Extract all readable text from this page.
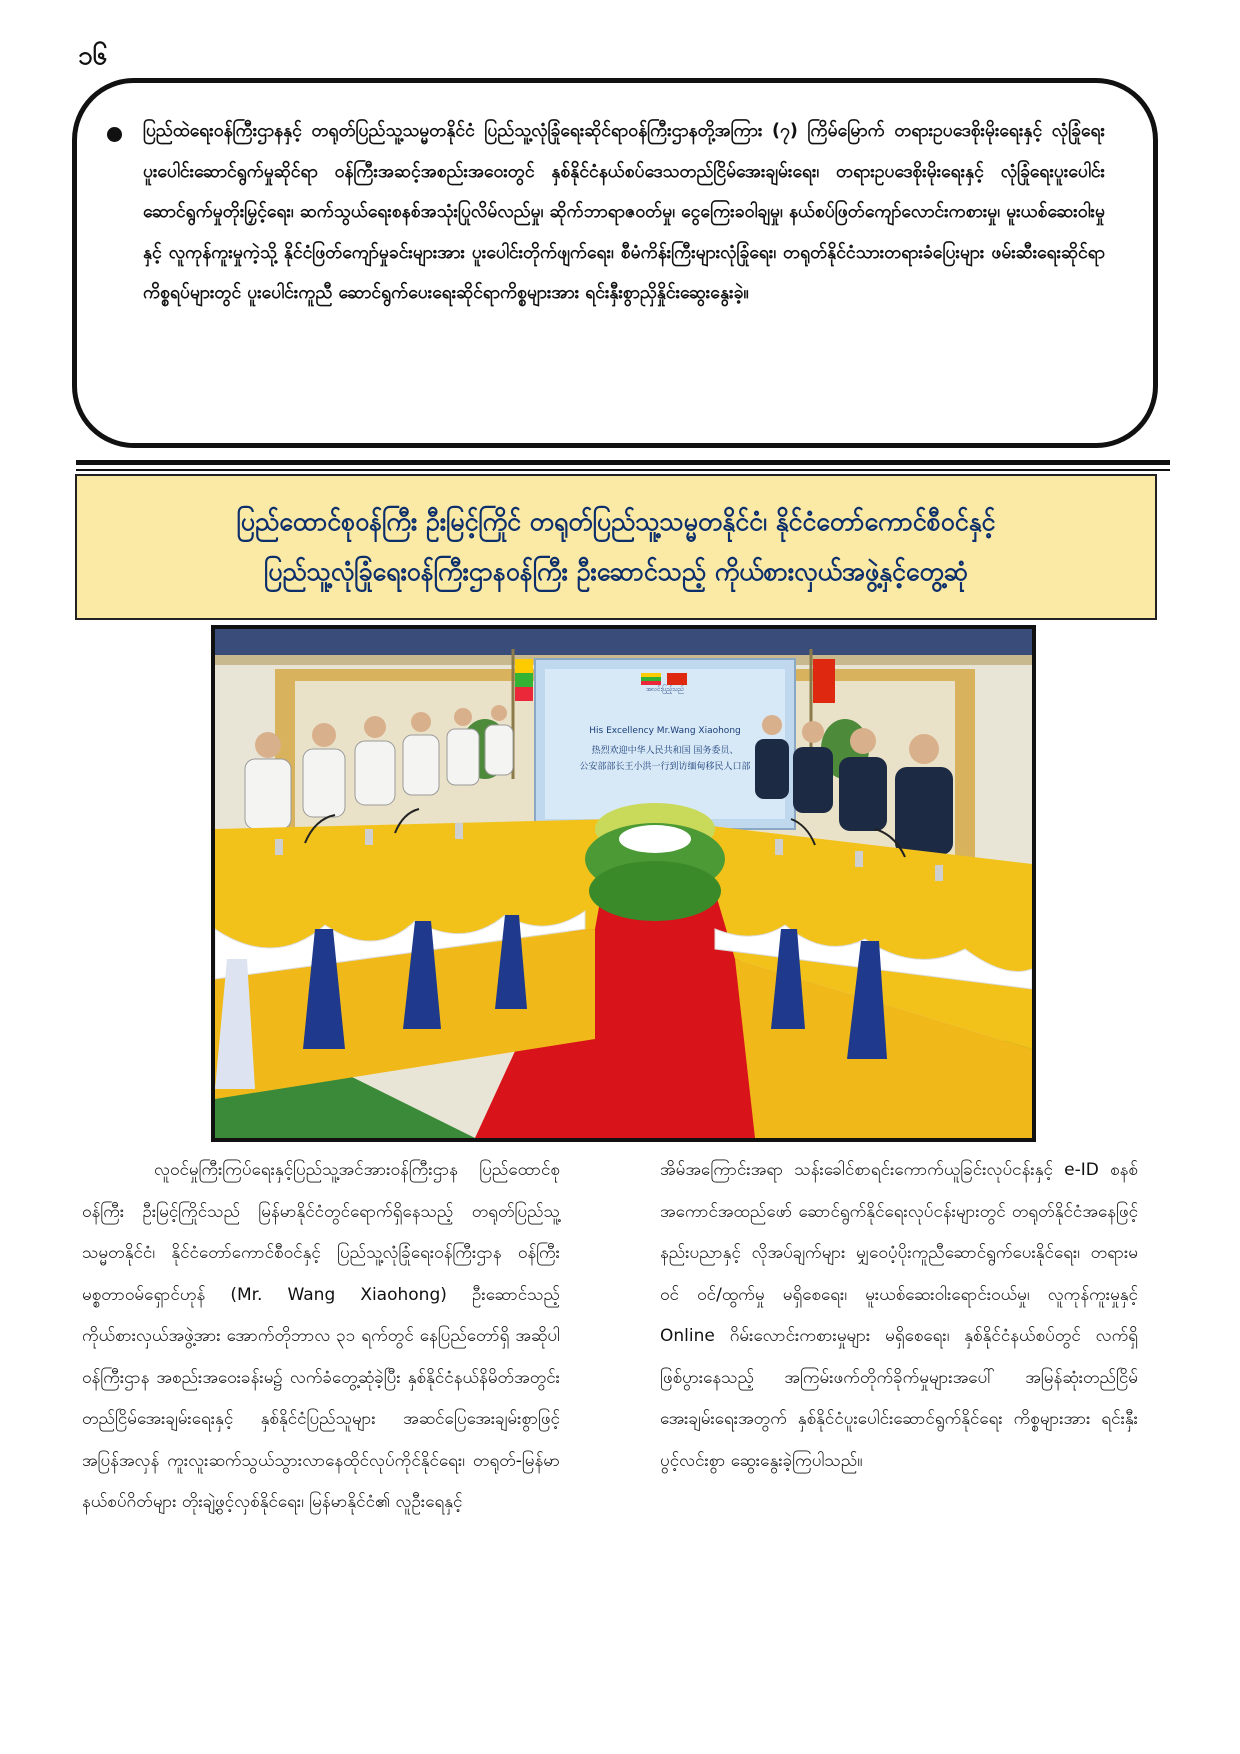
၁၆

ပြည်ထဲရေးဝန်ကြီးဌာနနှင့် တရုတ်ပြည်သူ့သမ္မတနိုင်ငံ ပြည်သူ့လုံခြုံရေးဆိုင်ရာဝန်ကြီးဌာနတို့အကြား (၇) ကြိမ်မြောက် တရားဥပဒေစိုးမိုးရေးနှင့် လုံခြုံရေးပူးပေါင်းဆောင်ရွက်မှုဆိုင်ရာ ဝန်ကြီးအဆင့်အစည်းအဝေးတွင် နှစ်နိုင်ငံနယ်စပ်ဒေသတည်ငြိမ်အေးချမ်းရေး၊ တရားဥပဒေစိုးမိုးရေးနှင့် လုံခြုံရေးပူးပေါင်းဆောင်ရွက်မှုတိုးမြှင့်ရေး၊ ဆက်သွယ်ရေးစနစ်အသုံးပြုလိမ်လည်မှု၊ ဆိုက်ဘာရာဇဝတ်မှု၊ ငွေကြေးခဝါချမှု၊ နယ်စပ်ဖြတ်ကျော်လောင်းကစားမှု၊ မူးယစ်ဆေးဝါးမှုနှင့် လူကုန်ကူးမှုကဲ့သို့ နိုင်ငံဖြတ်ကျော်မှုခင်းများအား ပူးပေါင်းတိုက်ဖျက်ရေး၊ စီမံကိန်းကြီးများလုံခြုံရေး၊ တရုတ်နိုင်ငံသားတရားခံပြေးများ ဖမ်းဆီးရေးဆိုင်ရာကိစ္စရပ်များတွင် ပူးပေါင်းကူညီ ဆောင်ရွက်ပေးရေးဆိုင်ရာကိစ္စများအား ရင်းနှီးစွာညှိနှိုင်းဆွေးနွေးခဲ့။

ပြည်ထောင်စုဝန်ကြီး ဦးမြင့်ကြိုင် တရုတ်ပြည်သူ့သမ္မတနိုင်ငံ၊ နိုင်ငံတော်ကောင်စီဝင်နှင့်
ပြည်သူ့လုံခြုံရေးဝန်ကြီးဌာနဝန်ကြီး ဦးဆောင်သည့် ကိုယ်စားလှယ်အဖွဲ့နှင့်တွေ့ဆုံ
အလင်းပြည့်သည်
His Excellency Mr.Wang Xiaohong
热烈欢迎中华人民共和国 国务委员、
公安部部长王小洪一行到访缅甸移民人口部

လူဝင်မှုကြီးကြပ်ရေးနှင့်ပြည်သူ့အင်အားဝန်ကြီးဌာန ပြည်ထောင်စုဝန်ကြီး ဦးမြင့်ကြိုင်သည် မြန်မာနိုင်ငံတွင်ရောက်ရှိနေသည့် တရုတ်ပြည်သူ့သမ္မတနိုင်ငံ၊ နိုင်ငံတော်ကောင်စီဝင်နှင့် ပြည်သူ့လုံခြုံရေးဝန်ကြီးဌာန ဝန်ကြီး မစ္စတာဝမ်ရှောင်ဟုန် (Mr. Wang Xiaohong) ဦးဆောင်သည့် ကိုယ်စားလှယ်အဖွဲ့အား အောက်တိုဘာလ ၃၁ ရက်တွင် နေပြည်တော်ရှိ အဆိုပါဝန်ကြီးဌာန အစည်းအဝေးခန်းမ၌ လက်ခံတွေ့ဆုံခဲ့ပြီး နှစ်နိုင်ငံနယ်နိမိတ်အတွင်း တည်ငြိမ်အေးချမ်းရေးနှင့် နှစ်နိုင်ငံပြည်သူများ အဆင်ပြေအေးချမ်းစွာဖြင့် အပြန်အလှန် ကူးလူးဆက်သွယ်သွားလာနေထိုင်လုပ်ကိုင်နိုင်ရေး၊ တရုတ်-မြန်မာနယ်စပ်ဂိတ်များ တိုးချဲ့ဖွင့်လှစ်နိုင်ရေး၊ မြန်မာနိုင်ငံ၏ လူဦးရေနှင့်

အိမ်အကြောင်းအရာ သန်းခေါင်စာရင်းကောက်ယူခြင်းလုပ်ငန်းနှင့် e-ID စနစ် အကောင်အထည်ဖော် ဆောင်ရွက်နိုင်ရေးလုပ်ငန်းများတွင် တရုတ်နိုင်ငံအနေဖြင့် နည်းပညာနှင့် လိုအပ်ချက်များ မျှဝေပံ့ပိုးကူညီဆောင်ရွက်ပေးနိုင်ရေး၊ တရားမဝင် ဝင်/ထွက်မှု မရှိစေရေး၊ မူးယစ်ဆေးဝါးရောင်းဝယ်မှု၊ လူကုန်ကူးမှုနှင့် Online ဂိမ်းလောင်းကစားမှုများ မရှိစေရေး၊ နှစ်နိုင်ငံနယ်စပ်တွင် လက်ရှိဖြစ်ပွားနေသည့် အကြမ်းဖက်တိုက်ခိုက်မှုများအပေါ် အမြန်ဆုံးတည်ငြိမ်အေးချမ်းရေးအတွက် နှစ်နိုင်ငံပူးပေါင်းဆောင်ရွက်နိုင်ရေး ကိစ္စများအား ရင်းနှီးပွင့်လင်းစွာ ဆွေးနွေးခဲ့ကြပါသည်။
